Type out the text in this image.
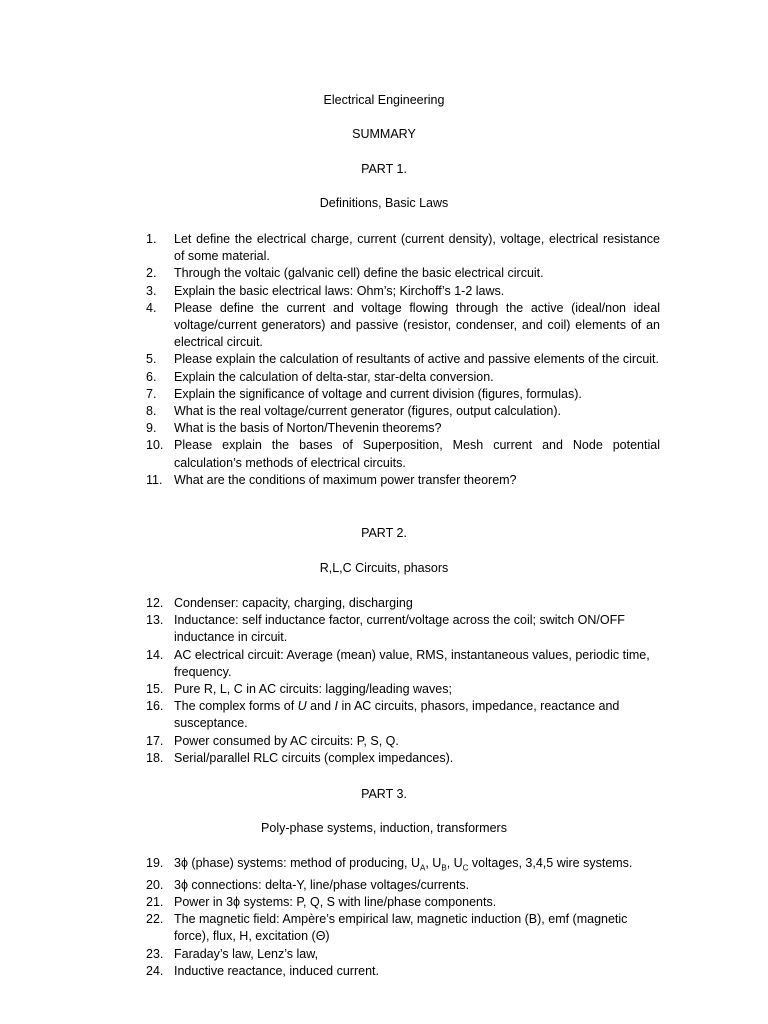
Electrical Engineering
SUMMARY
PART 1.
Definitions, Basic Laws
1.	Let define the electrical charge, current (current density), voltage, electrical resistance of some material.
2.	Through the voltaic (galvanic cell) define the basic electrical circuit.
3.	Explain the basic electrical laws: Ohm’s; Kirchoff’s 1-2 laws.
4.	Please define the current and voltage flowing through the active (ideal/non ideal voltage/current generators) and passive (resistor, condenser, and coil) elements of an electrical circuit.
5.	Please explain the calculation of resultants of active and passive elements of the circuit.
6.	Explain the calculation of delta-star, star-delta conversion.
7.	Explain the significance of voltage and current division (figures, formulas).
8.	What is the real voltage/current generator (figures, output calculation).
9.	What is the basis of Norton/Thevenin theorems?
10. Please explain the bases of Superposition, Mesh current and Node potential calculation’s methods of electrical circuits.
11. What are the conditions of maximum power transfer theorem?
PART 2.
R,L,C Circuits, phasors
12. Condenser: capacity, charging, discharging
13. Inductance: self inductance factor, current/voltage across the coil; switch ON/OFF inductance in circuit.
14. AC electrical circuit: Average (mean) value, RMS, instantaneous values, periodic time, frequency.
15. Pure R, L, C in AC circuits: lagging/leading waves;
16. The complex forms of U and I in AC circuits, phasors, impedance, reactance and susceptance.
17. Power consumed by AC circuits: P, S, Q.
18. Serial/parallel RLC circuits (complex impedances).
PART 3.
Poly-phase systems, induction, transformers
19. 3ϕ (phase) systems: method of producing, $U_A$, $U_B$, $U_C$ voltages, 3,4,5 wire systems.
20. 3ϕ connections: delta-Y, line/phase voltages/currents.
21. Power in 3ϕ systems: P, Q, S with line/phase components.
22. The magnetic field: Ampère’s empirical law, magnetic induction (B), emf (magnetic force), flux, H, excitation (Θ)
23. Faraday’s law, Lenz’s law,
24. Inductive reactance, induced current.
